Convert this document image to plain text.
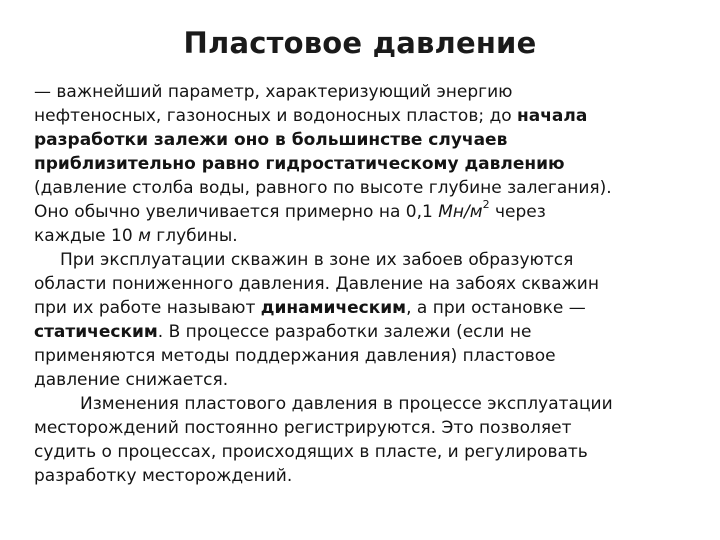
Пластовое давление
— важнейший параметр, характеризующий энергию
нефтеносных, газоносных и водоносных пластов; до начала
разработки залежи оно в большинстве случаев
приблизительно равно гидростатическому давлению
(давление столба воды, равного по высоте глубине залегания).
Оно обычно увеличивается примерно на 0,1 $Мн/м^2$ через
каждые 10 м глубины.
При эксплуатации скважин в зоне их забоев образуются
области пониженного давления. Давление на забоях скважин
при их работе называют динамическим, а при остановке —
статическим. В процессе разработки залежи (если не
применяются методы поддержания давления) пластовое
давление снижается.
Изменения пластового давления в процессе эксплуатации
месторождений постоянно регистрируются. Это позволяет
судить о процессах, происходящих в пласте, и регулировать
разработку месторождений.
